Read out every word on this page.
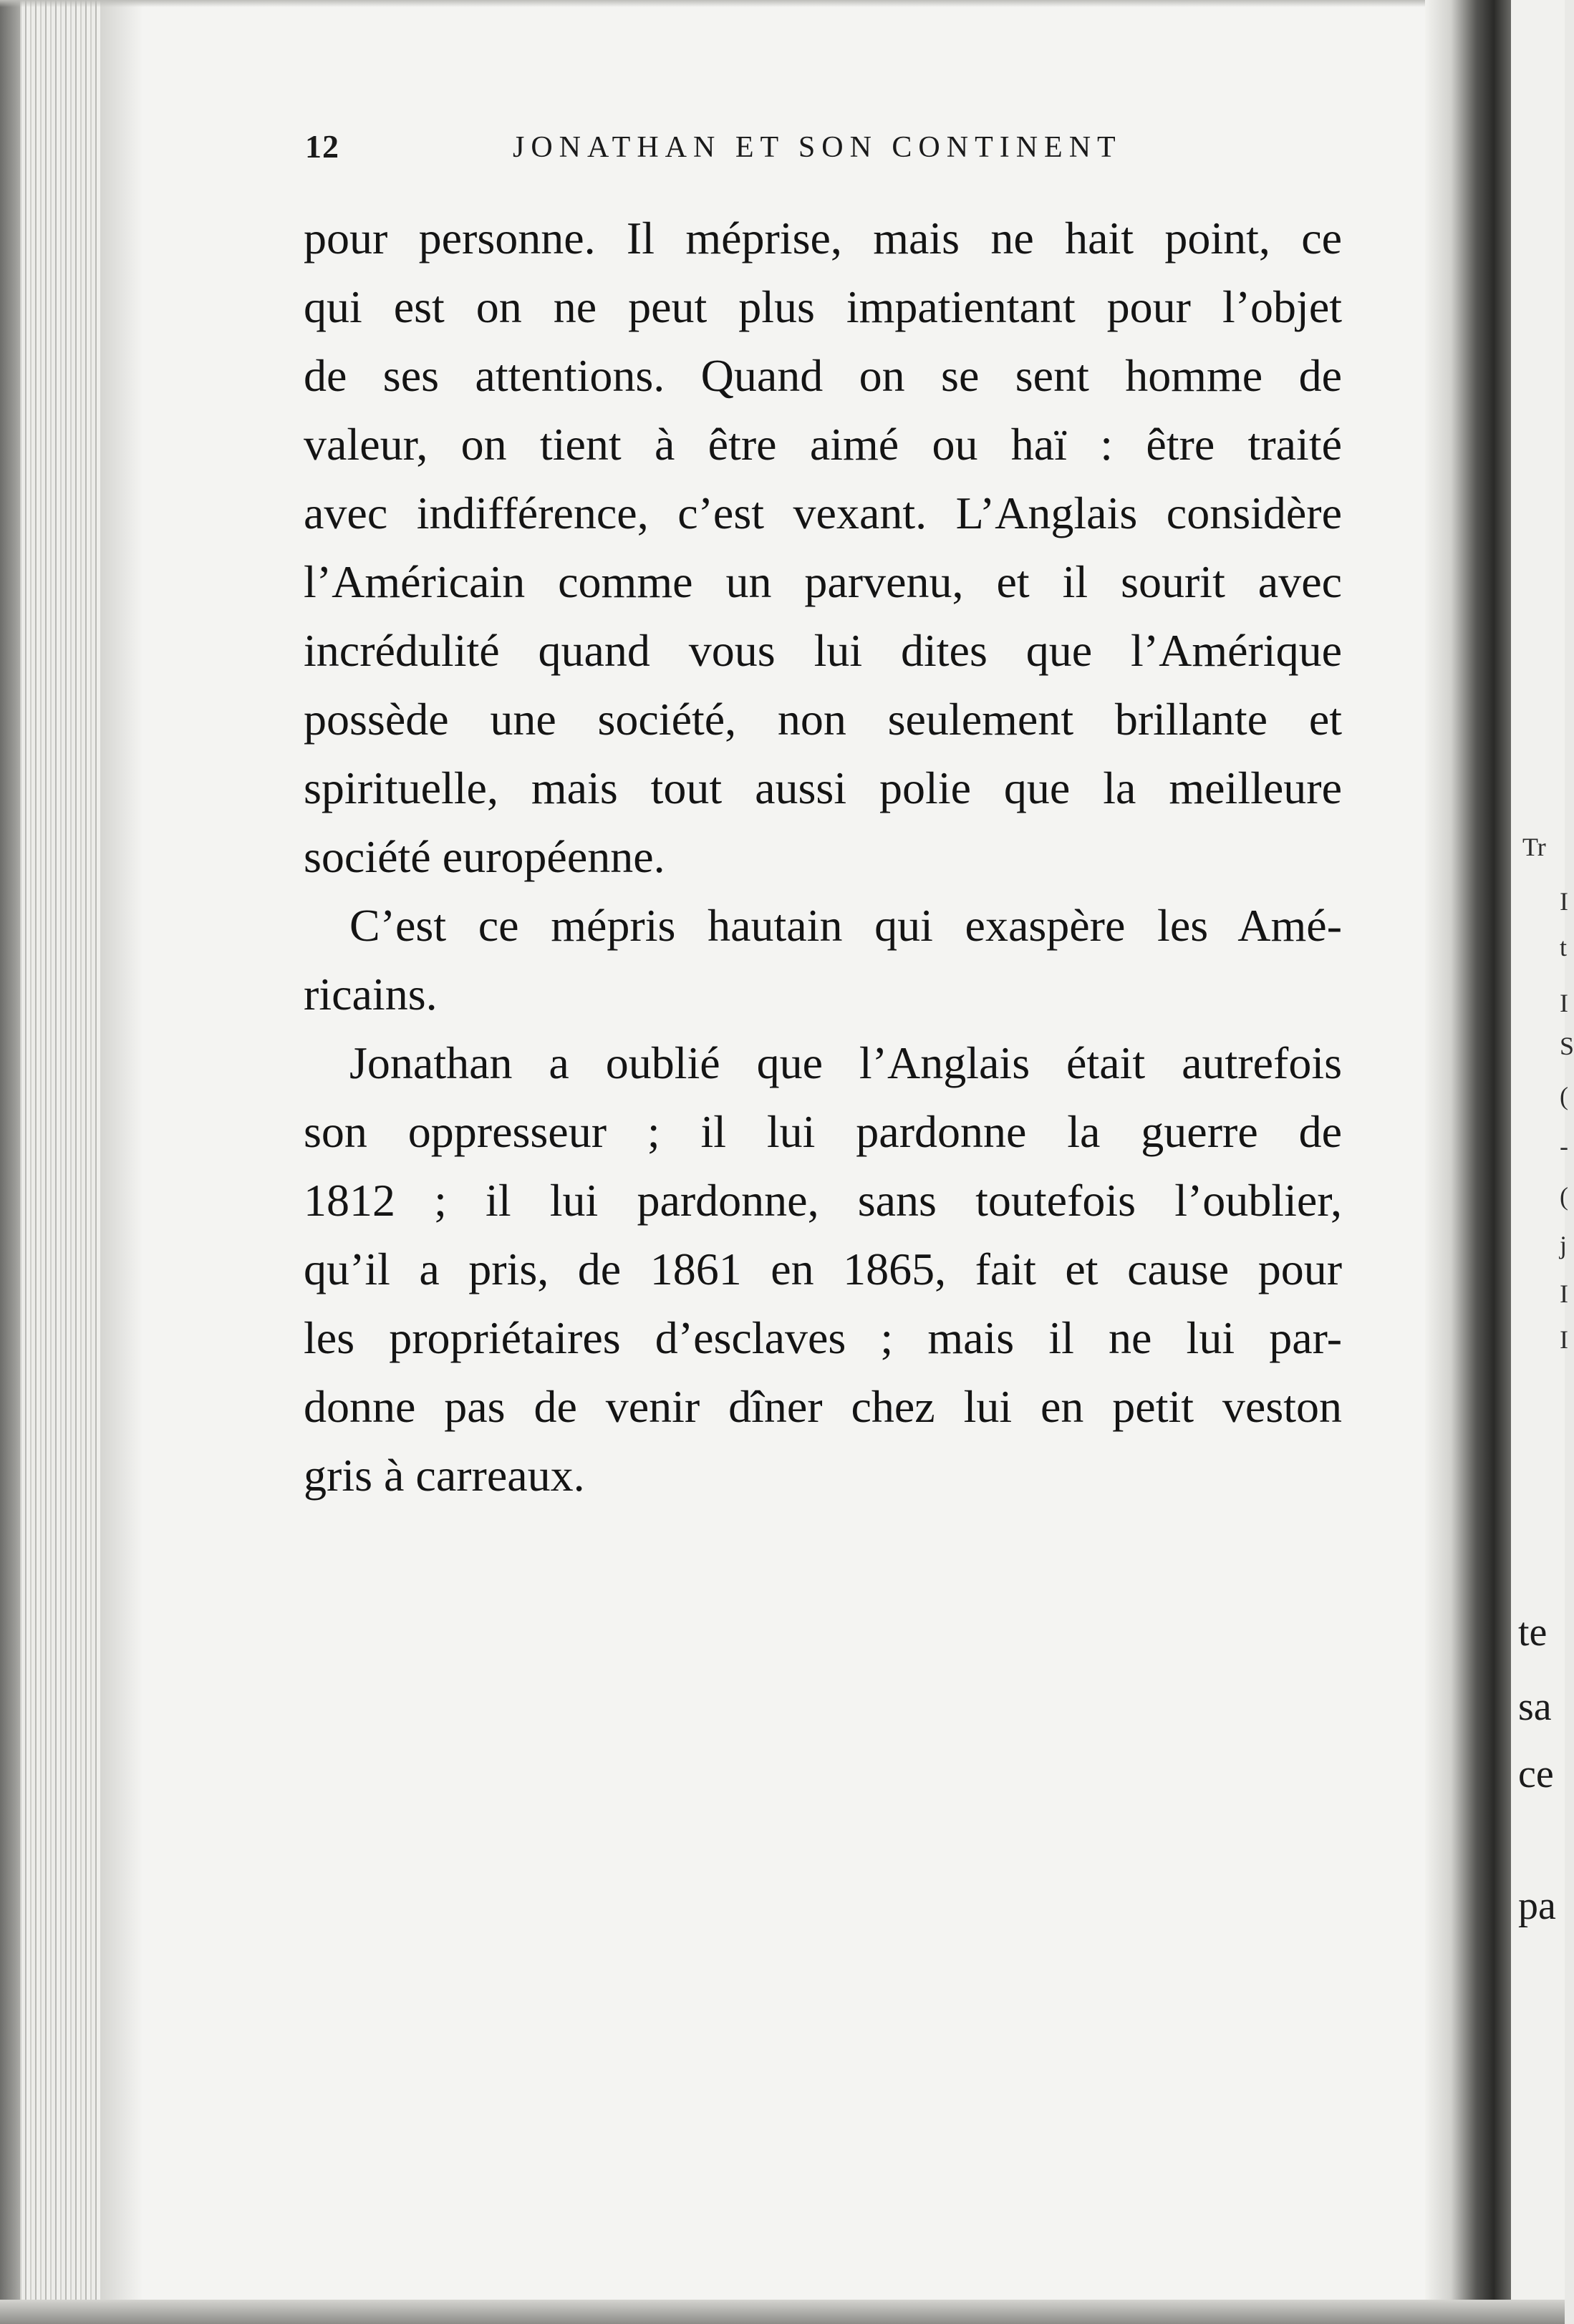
12	JONATHAN ET SON CONTINENT
pour personne. Il méprise, mais ne hait point, ce
qui est on ne peut plus impatientant pour l’objet
de ses attentions. Quand on se sent homme de
valeur, on tient à être aimé ou haï : être traité
avec indifférence, c’est vexant. L’Anglais considère
l’Américain comme un parvenu, et il sourit avec
incrédulité quand vous lui dites que l’Amérique
possède une société, non seulement brillante et
spirituelle, mais tout aussi polie que la meilleure
société européenne.
C’est ce mépris hautain qui exaspère les Amé-
ricains.
Jonathan a oublié que l’Anglais était autrefois
son oppresseur ; il lui pardonne la guerre de
1812 ; il lui pardonne, sans toutefois l’oublier,
qu’il a pris, de 1861 en 1865, fait et cause pour
les propriétaires d’esclaves ; mais il ne lui par-
donne pas de venir dîner chez lui en petit veston
gris à carreaux.
Tr
I
t
I
S
(
-
(
j
I
I
te
sa
ce
pa
